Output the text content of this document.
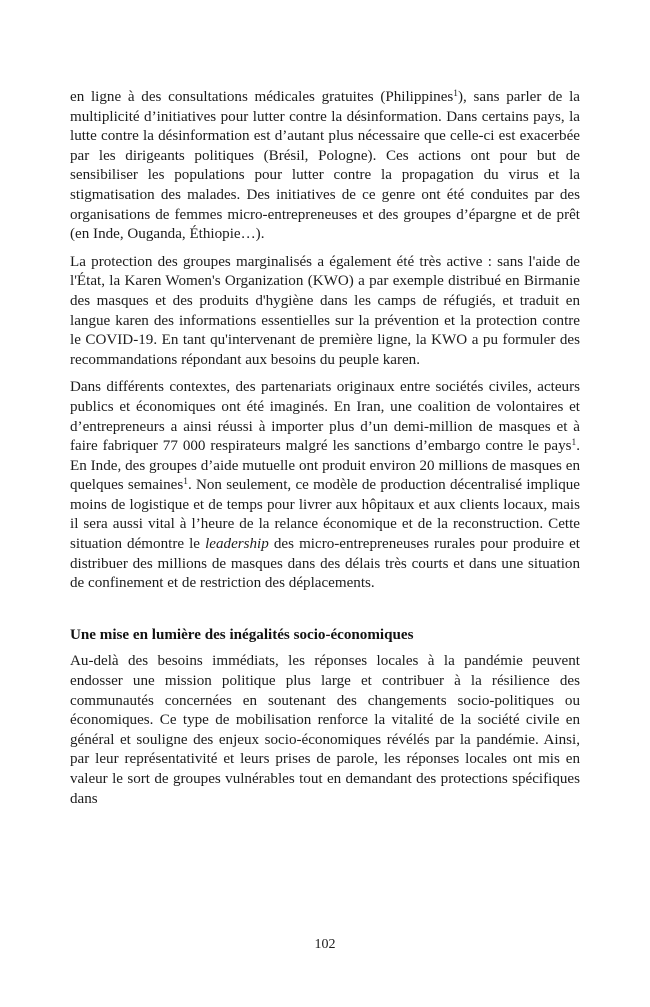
en ligne à des consultations médicales gratuites (Philippines$^1$), sans parler de la multiplicité d’initiatives pour lutter contre la désinformation. Dans certains pays, la lutte contre la désinformation est d’autant plus nécessaire que celle-ci est exacerbée par les dirigeants politiques (Brésil, Pologne). Ces actions ont pour but de sensibiliser les populations pour lutter contre la propagation du virus et la stigmatisation des malades. Des initiatives de ce genre ont été conduites par des organisations de femmes micro-entrepreneuses et des groupes d’épargne et de prêt (en Inde, Ouganda, Éthiopie…).

La protection des groupes marginalisés a également été très active : sans l'aide de l'État, la Karen Women's Organization (KWO) a par exemple distribué en Birmanie des masques et des produits d'hygiène dans les camps de réfugiés, et traduit en langue karen des informations essentielles sur la prévention et la protection contre le COVID-19. En tant qu'intervenant de première ligne, la KWO a pu formuler des recommandations répondant aux besoins du peuple karen.

Dans différents contextes, des partenariats originaux entre sociétés civiles, acteurs publics et économiques ont été imaginés. En Iran, une coalition de volontaires et d’entrepreneurs a ainsi réussi à importer plus d’un demi-million de masques et à faire fabriquer 77 000 respirateurs malgré les sanctions d’embargo contre le pays$^1$. En Inde, des groupes d’aide mutuelle ont produit environ 20 millions de masques en quelques semaines$^1$. Non seulement, ce modèle de production décentralisé implique moins de logistique et de temps pour livrer aux hôpitaux et aux clients locaux, mais il sera aussi vital à l’heure de la relance économique et de la reconstruction. Cette situation démontre le leadership des micro-entrepreneuses rurales pour produire et distribuer des millions de masques dans des délais très courts et dans une situation de confinement et de restriction des déplacements.

Une mise en lumière des inégalités socio-économiques

Au-delà des besoins immédiats, les réponses locales à la pandémie peuvent endosser une mission politique plus large et contribuer à la résilience des communautés concernées en soutenant des changements socio-politiques ou économiques. Ce type de mobilisation renforce la vitalité de la société civile en général et souligne des enjeux socio-économiques révélés par la pandémie. Ainsi, par leur représentativité et leurs prises de parole, les réponses locales ont mis en valeur le sort de groupes vulnérables tout en demandant des protections spécifiques dans

102
